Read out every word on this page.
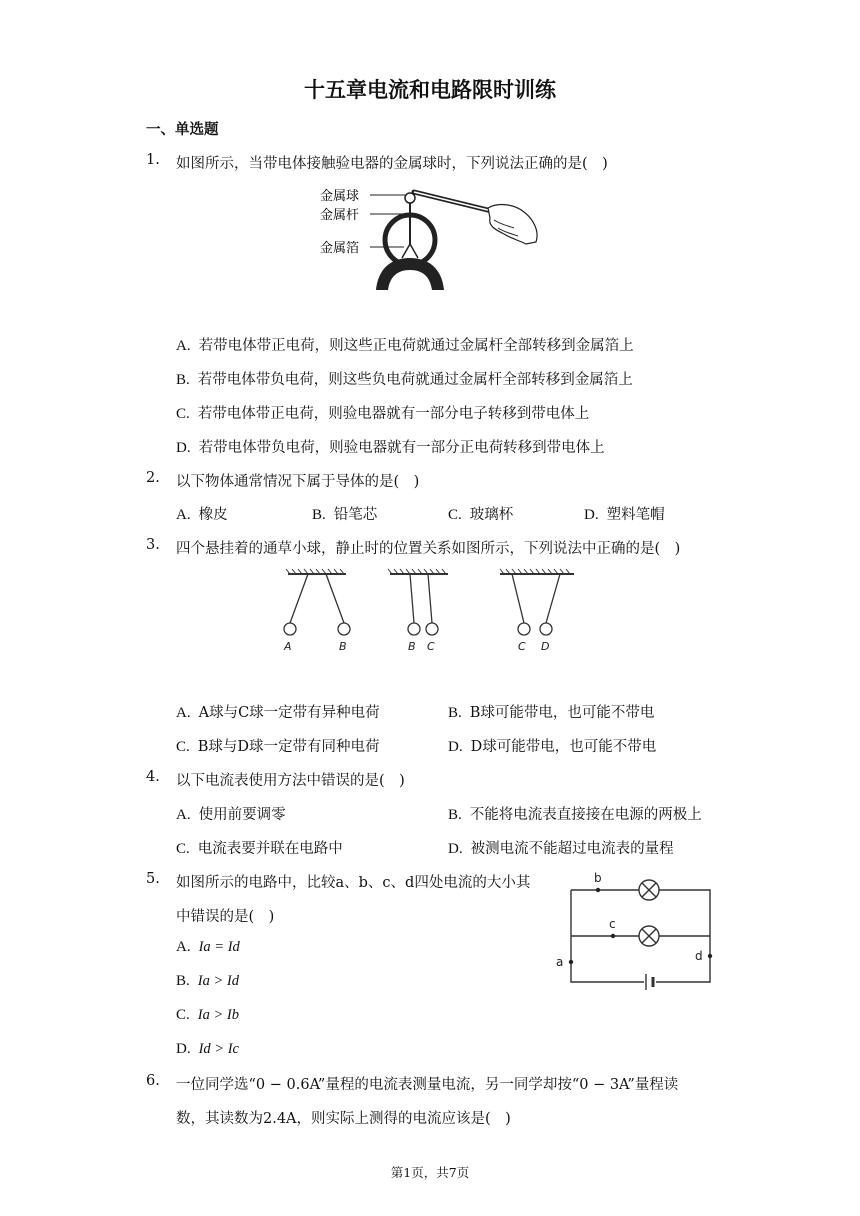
十五章电流和电路限时训练
一、单选题
1. 如图所示，当带电体接触验电器的金属球时，下列说法正确的是(　)
金属球
金属杆
金属箔
A. 若带电体带正电荷，则这些正电荷就通过金属杆全部转移到金属箔上
B. 若带电体带负电荷，则这些负电荷就通过金属杆全部转移到金属箔上
C. 若带电体带正电荷，则验电器就有一部分电子转移到带电体上
D. 若带电体带负电荷，则验电器就有一部分正电荷转移到带电体上
2. 以下物体通常情况下属于导体的是(　)
A. 橡皮	B. 铅笔芯	C. 玻璃杯	D. 塑料笔帽
3. 四个悬挂着的通草小球，静止时的位置关系如图所示，下列说法中正确的是(　)
A	B	B C	C D
A. A球与C球一定带有异种电荷	B. B球可能带电，也可能不带电
C. B球与D球一定带有同种电荷	D. D球可能带电，也可能不带电
4. 以下电流表使用方法中错误的是(　)
A. 使用前要调零	B. 不能将电流表直接接在电源的两极上
C. 电流表要并联在电路中	D. 被测电流不能超过电流表的量程
5. 如图所示的电路中，比较a、b、c、d四处电流的大小其
中错误的是(　)
A. Ia = Id
B. Ia > Id
C. Ia > Ib
D. Id > Ic
b
c
a	d
6. 一位同学选“0 − 0.6A”量程的电流表测量电流，另一同学却按“0 − 3A”量程读
数，其读数为2.4A，则实际上测得的电流应该是(　)
第1页，共7页
